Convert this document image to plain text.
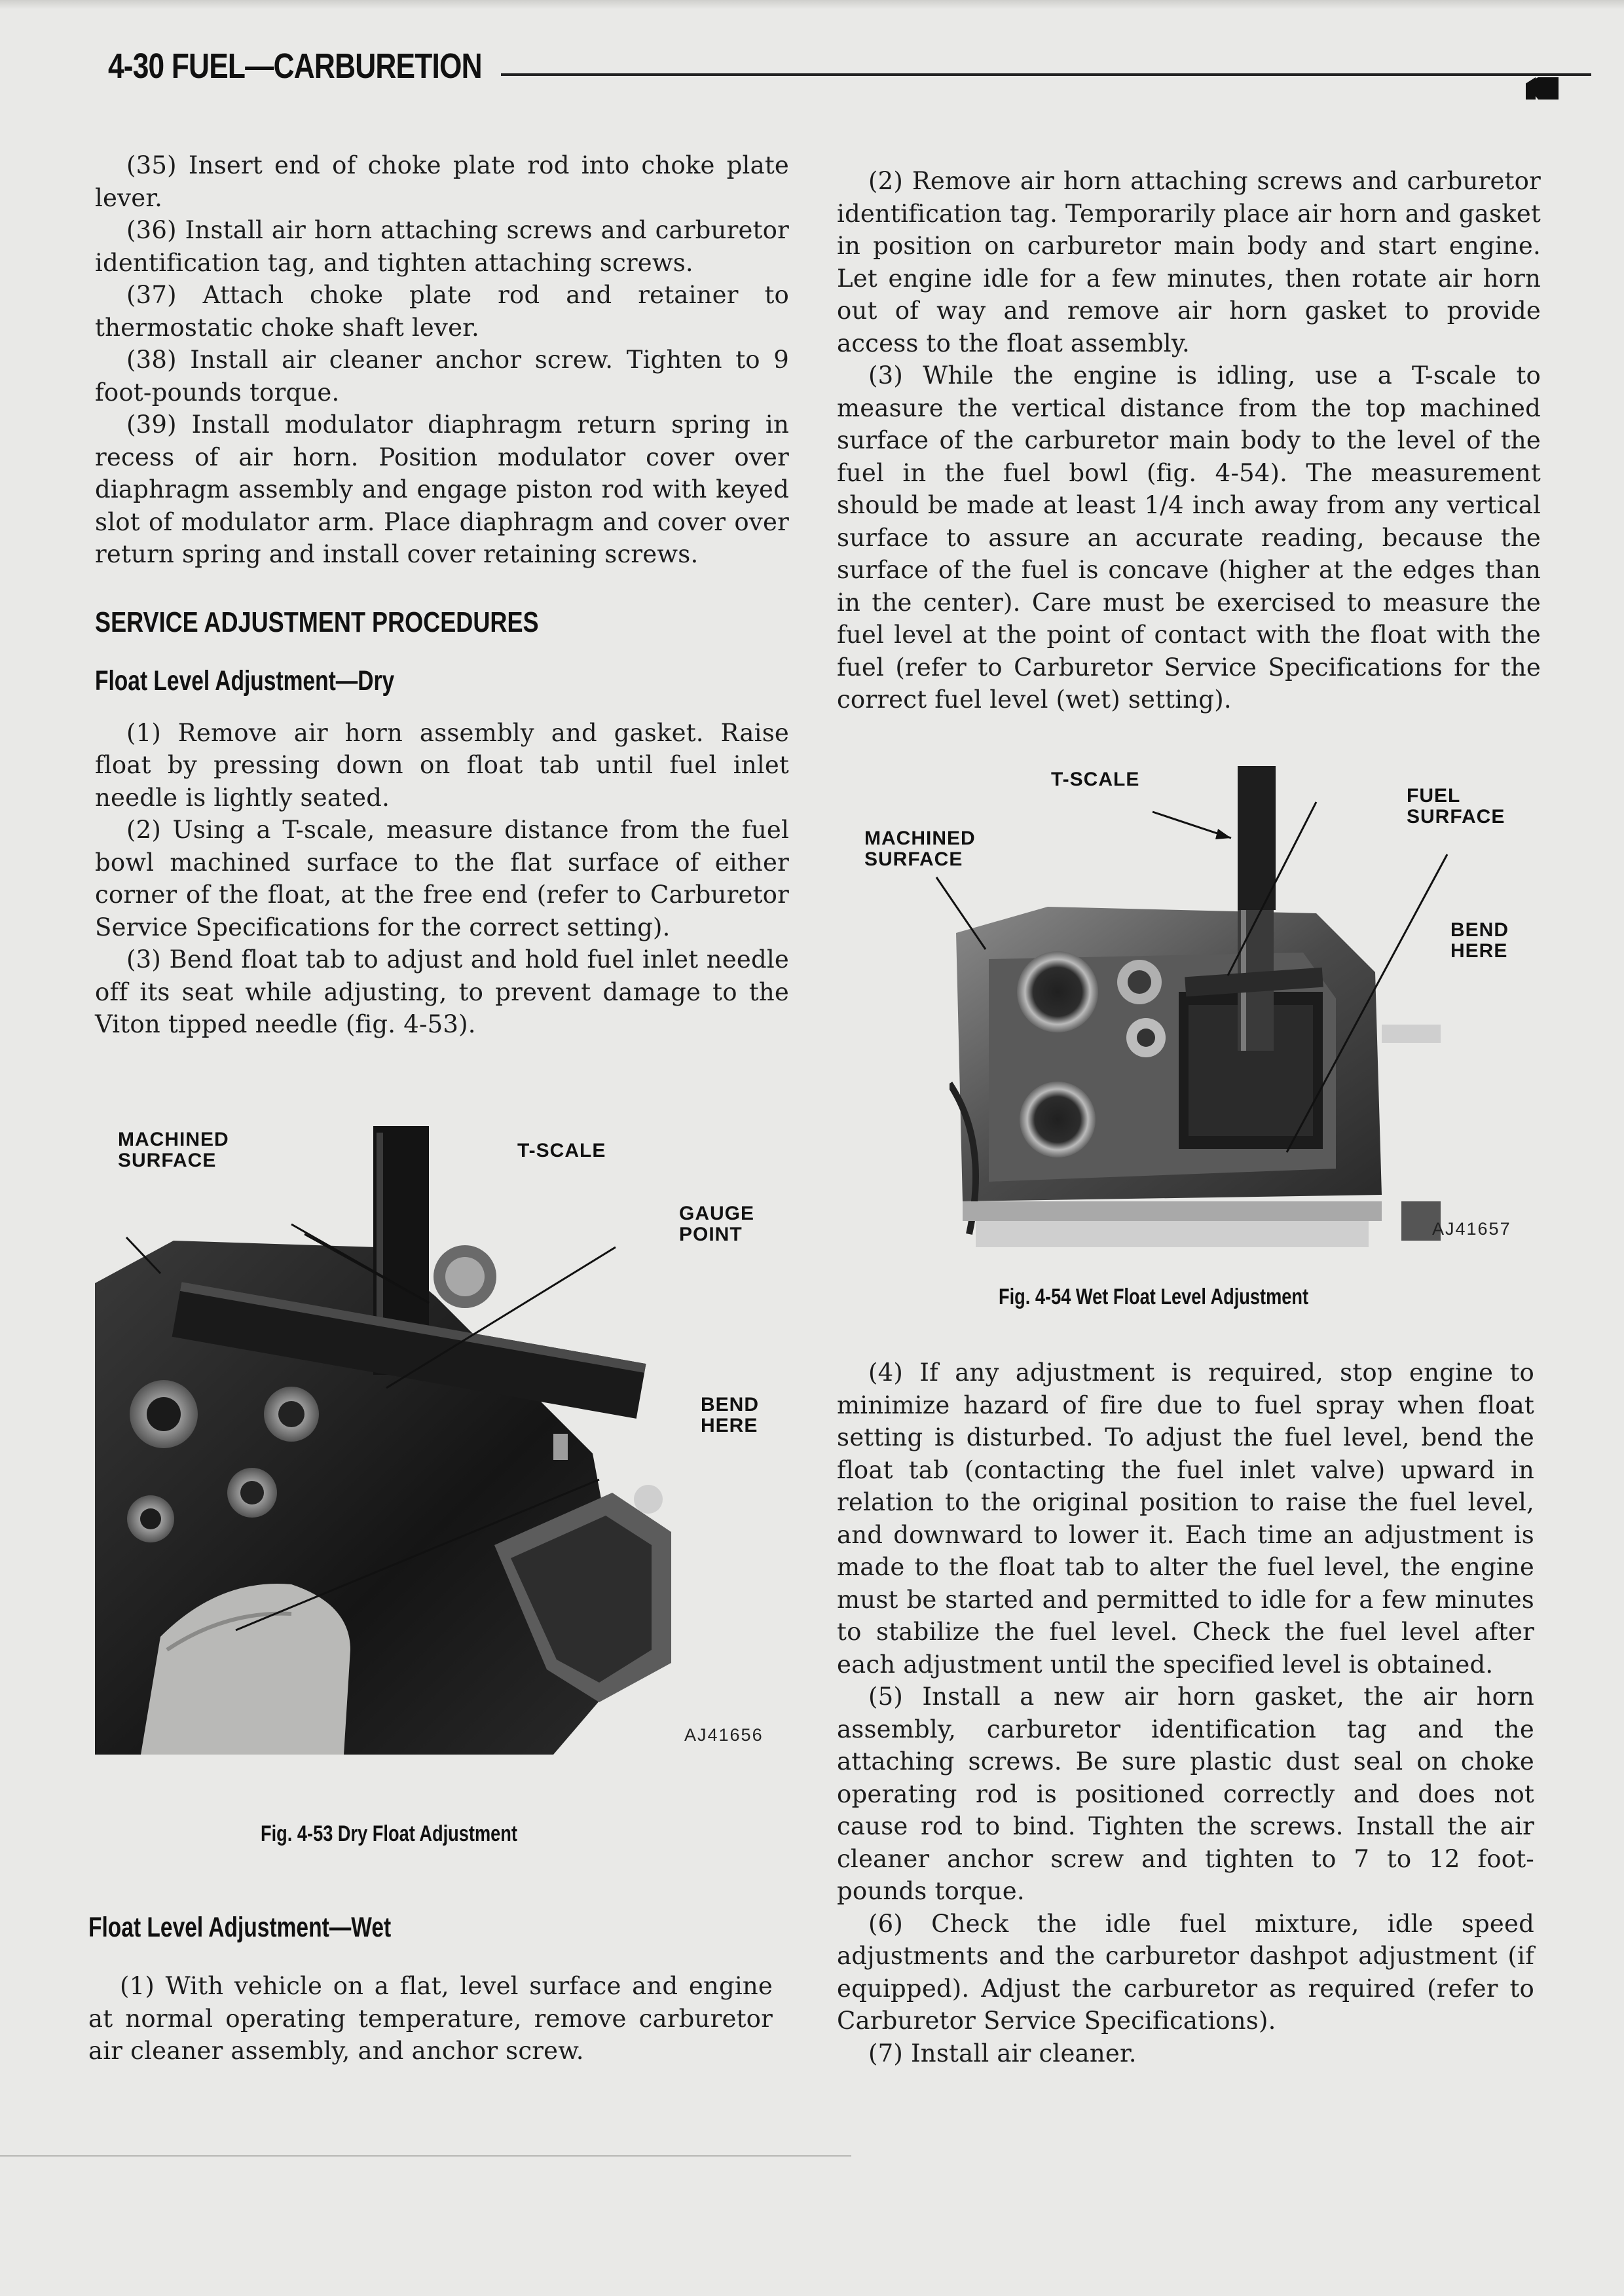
4-30 FUEL—CARBURETION

(35) Insert end of choke plate rod into choke plate lever.

(36) Install air horn attaching screws and carburetor identification tag, and tighten attaching screws.

(37) Attach choke plate rod and retainer to thermostatic choke shaft lever.

(38) Install air cleaner anchor screw. Tighten to 9 foot-pounds torque.

(39) Install modulator diaphragm return spring in recess of air horn. Position modulator cover over diaphragm assembly and engage piston rod with keyed slot of modulator arm. Place diaphragm and cover over return spring and install cover retaining screws.

SERVICE ADJUSTMENT PROCEDURES
Float Level Adjustment—Dry

(1) Remove air horn assembly and gasket. Raise float by pressing down on float tab until fuel inlet needle is lightly seated.

(2) Using a T-scale, measure distance from the fuel bowl machined surface to the flat surface of either corner of the float, at the free end (refer to Carburetor Service Specifications for the correct setting).

(3) Bend float tab to adjust and hold fuel inlet needle off its seat while adjusting, to prevent damage to the Viton tipped needle (fig. 4-53).

Float Level Adjustment—Wet

(1) With vehicle on a flat, level surface and engine at normal operating temperature, remove carburetor air cleaner assembly, and anchor screw.

MACHINED
SURFACE	T-SCALE
GAUGE
POINT
BEND
HERE
AJ41656
Fig. 4-53 Dry Float Adjustment

(2) Remove air horn attaching screws and carburetor identification tag. Temporarily place air horn and gasket in position on carburetor main body and start engine. Let engine idle for a few minutes, then rotate air horn out of way and remove air horn gasket to provide access to the float assembly.

(3) While the engine is idling, use a T-scale to measure the vertical distance from the top machined surface of the carburetor main body to the level of the fuel in the fuel bowl (fig. 4-54). The measurement should be made at least 1/4 inch away from any vertical surface to assure an accurate reading, because the surface of the fuel is concave (higher at the edges than in the center). Care must be exercised to measure the fuel level at the point of contact with the float with the fuel (refer to Carburetor Service Specifications for the correct fuel level (wet) setting).

T-SCALE
FUEL
SURFACE
MACHINED
SURFACE
BEND
HERE
AJ41657
Fig. 4-54 Wet Float Level Adjustment

(4) If any adjustment is required, stop engine to minimize hazard of fire due to fuel spray when float setting is disturbed. To adjust the fuel level, bend the float tab (contacting the fuel inlet valve) upward in relation to the original position to raise the fuel level, and downward to lower it. Each time an adjustment is made to the float tab to alter the fuel level, the engine must be started and permitted to idle for a few minutes to stabilize the fuel level. Check the fuel level after each adjustment until the specified level is obtained.

(5) Install a new air horn gasket, the air horn assembly, carburetor identification tag and the attaching screws. Be sure plastic dust seal on choke operating rod is positioned correctly and does not cause rod to bind. Tighten the screws. Install the air cleaner anchor screw and tighten to 7 to 12 foot-pounds torque.

(6) Check the idle fuel mixture, idle speed adjustments and the carburetor dashpot adjustment (if equipped). Adjust the carburetor as required (refer to Carburetor Service Specifications).

(7) Install air cleaner.
